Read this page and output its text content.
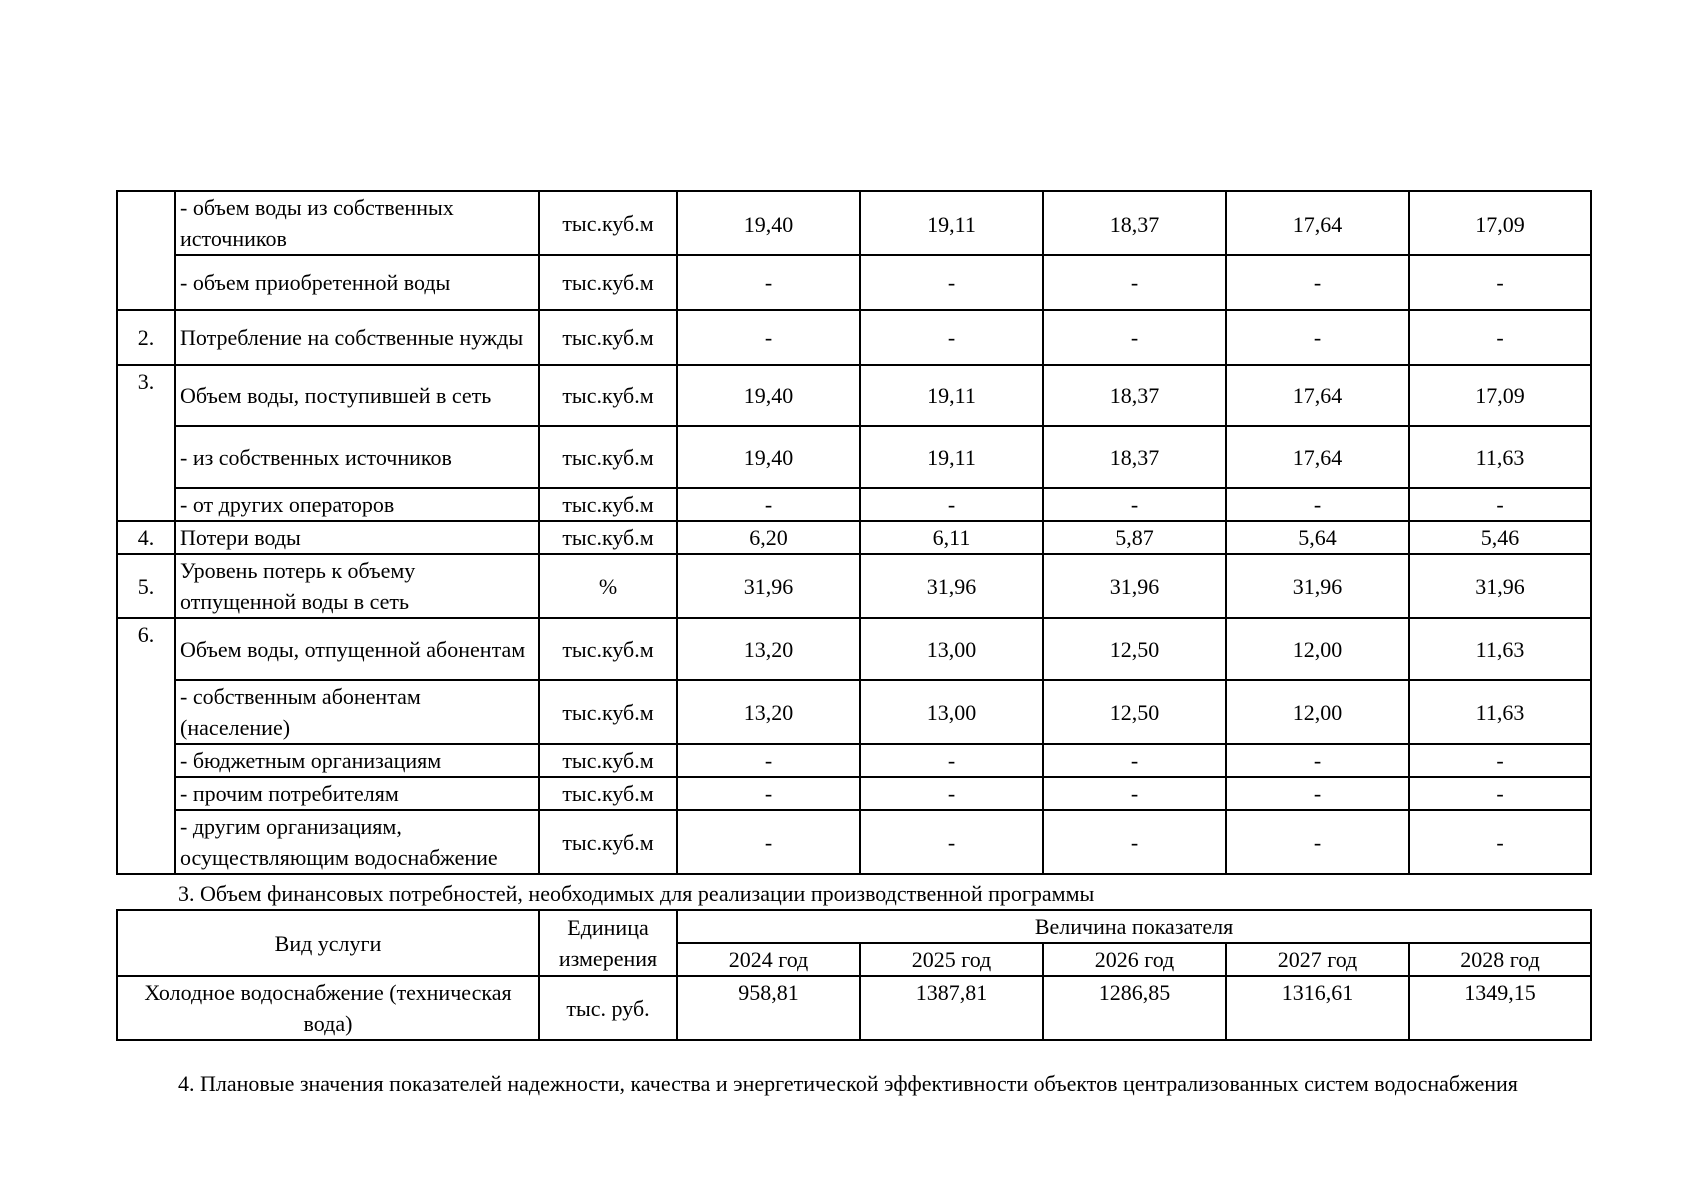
	- объем воды из собственных источников	тыс.куб.м	19,40	19,11	18,37	17,64	17,09
	- объем приобретенной воды	тыс.куб.м	-	-	-	-	-
2.	Потребление на собственные нужды	тыс.куб.м	-	-	-	-	-
3.	Объем воды, поступившей в сеть	тыс.куб.м	19,40	19,11	18,37	17,64	17,09
	- из собственных источников	тыс.куб.м	19,40	19,11	18,37	17,64	11,63
	- от других операторов	тыс.куб.м	-	-	-	-	-
4.	Потери воды	тыс.куб.м	6,20	6,11	5,87	5,64	5,46
5.	Уровень потерь к объему отпущенной воды в сеть	%	31,96	31,96	31,96	31,96	31,96
6.	Объем воды, отпущенной абонентам	тыс.куб.м	13,20	13,00	12,50	12,00	11,63
	- собственным абонентам (население)	тыс.куб.м	13,20	13,00	12,50	12,00	11,63
	- бюджетным организациям	тыс.куб.м	-	-	-	-	-
	- прочим потребителям	тыс.куб.м	-	-	-	-	-
	- другим организациям, осуществляющим водоснабжение	тыс.куб.м	-	-	-	-	-
3. Объем финансовых потребностей, необходимых для реализации производственной программы
Вид услуги	Единица измерения	Величина показателя				
		2024 год	2025 год	2026 год	2027 год	2028 год
Холодное водоснабжение (техническая вода)	тыс. руб.	958,81	1387,81	1286,85	1316,61	1349,15
4. Плановые значения показателей надежности, качества и энергетической эффективности объектов централизованных систем водоснабжения
